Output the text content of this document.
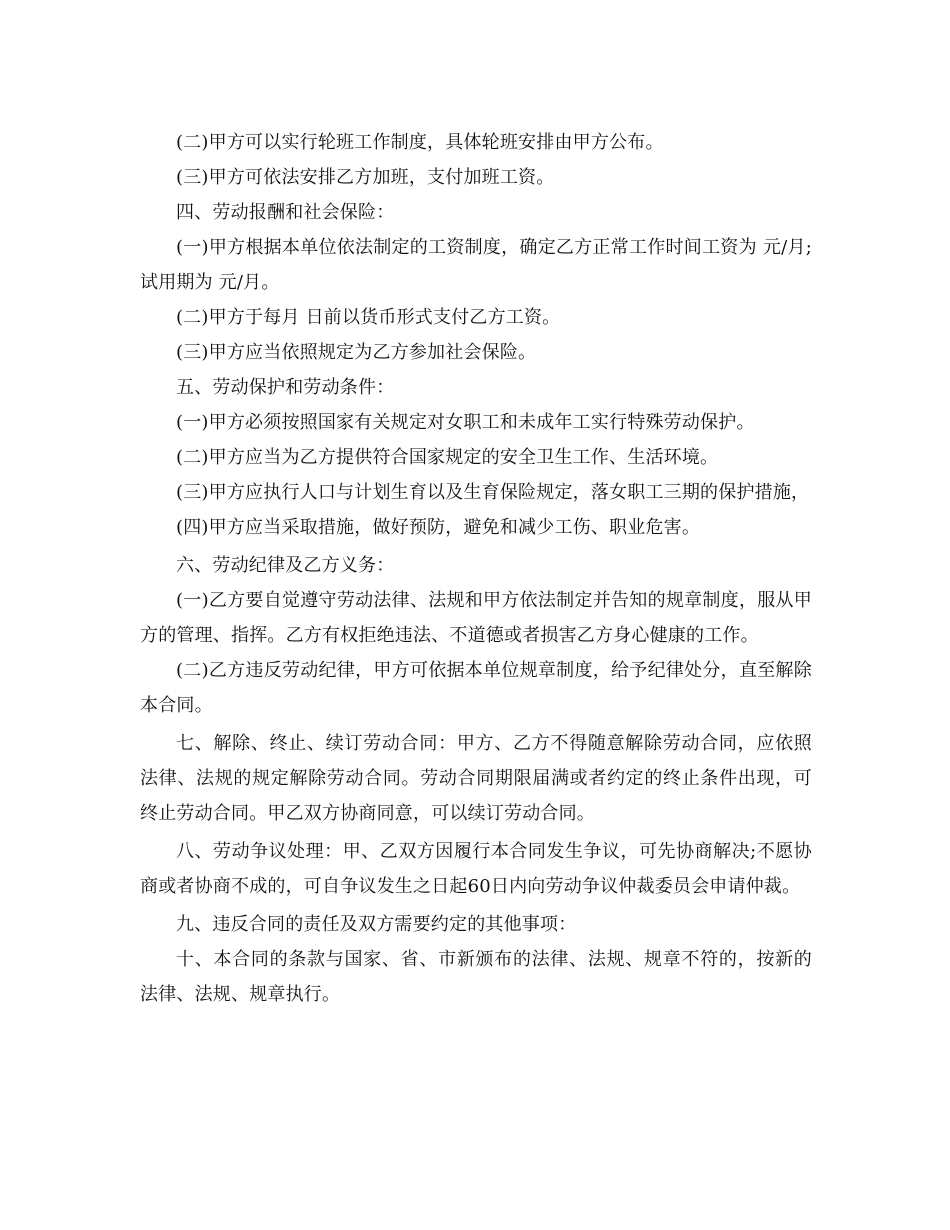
(二)甲方可以实行轮班工作制度，具体轮班安排由甲方公布。

(三)甲方可依法安排乙方加班，支付加班工资。

四、劳动报酬和社会保险：

(一)甲方根据本单位依法制定的工资制度，确定乙方正常工作时间工资为 元/月;试用期为 元/月。

(二)甲方于每月 日前以货币形式支付乙方工资。

(三)甲方应当依照规定为乙方参加社会保险。

五、劳动保护和劳动条件：

(一)甲方必须按照国家有关规定对女职工和未成年工实行特殊劳动保护。

(二)甲方应当为乙方提供符合国家规定的安全卫生工作、生活环境。

(三)甲方应执行人口与计划生育以及生育保险规定，落女职工三期的保护措施，

(四)甲方应当采取措施，做好预防，避免和减少工伤、职业危害。

六、劳动纪律及乙方义务：

(一)乙方要自觉遵守劳动法律、法规和甲方依法制定并告知的规章制度，服从甲方的管理、指挥。乙方有权拒绝违法、不道德或者损害乙方身心健康的工作。

(二)乙方违反劳动纪律，甲方可依据本单位规章制度，给予纪律处分，直至解除本合同。

七、解除、终止、续订劳动合同：甲方、乙方不得随意解除劳动合同，应依照法律、法规的规定解除劳动合同。劳动合同期限届满或者约定的终止条件出现，可终止劳动合同。甲乙双方协商同意，可以续订劳动合同。

八、劳动争议处理：甲、乙双方因履行本合同发生争议，可先协商解决;不愿协商或者协商不成的，可自争议发生之日起60日内向劳动争议仲裁委员会申请仲裁。

九、违反合同的责任及双方需要约定的其他事项：

十、本合同的条款与国家、省、市新颁布的法律、法规、规章不符的，按新的法律、法规、规章执行。
